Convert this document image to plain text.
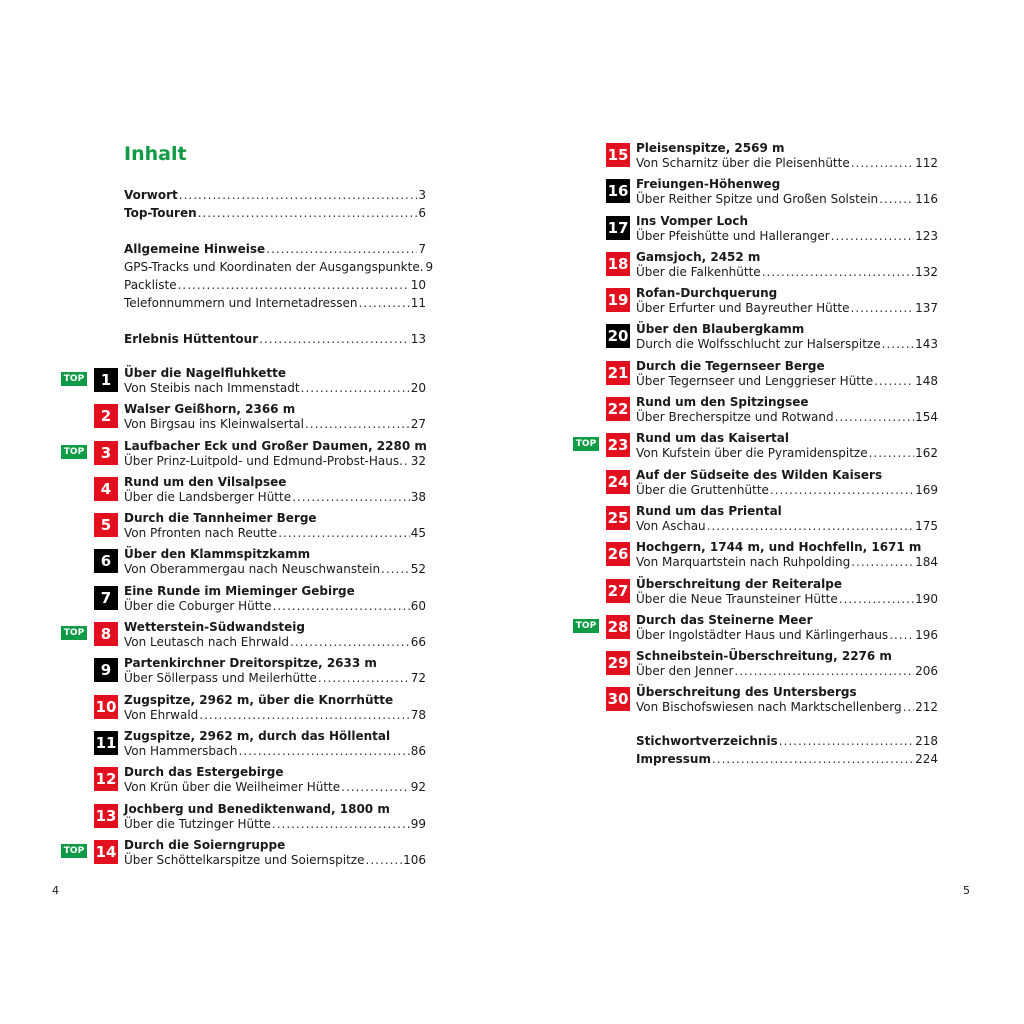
Inhalt
Vorwort .....	3
Top-Touren .....	6
Allgemeine Hinweise .....	7
GPS-Tracks und Koordinaten der Ausgangspunkte. 9
Packliste .....	10
Telefonnummern und Internetadressen .....	11
Erlebnis Hüttentour .....	13
TOP	1	Über die Nagelfluhkette
Von Steibis nach Immenstadt .....	20
2	Walser Geißhorn, 2366 m
Von Birgsau ins Kleinwalsertal .....	27
TOP	3	Laufbacher Eck und Großer Daumen, 2280 m
Über Prinz-Luitpold- und Edmund-Probst-Haus. ..... 32
4	Rund um den Vilsalpsee
Über die Landsberger Hütte .....	38
5	Durch die Tannheimer Berge
Von Pfronten nach Reutte .....	45
6	Über den Klammspitzkamm
Von Oberammergau nach Neuschwanstein .....	52
7	Eine Runde im Mieminger Gebirge
Über die Coburger Hütte .....	60
TOP	8	Wetterstein-Südwandsteig
Von Leutasch nach Ehrwald .....	66
9	Partenkirchner Dreitorspitze, 2633 m
Über Söllerpass und Meilerhütte .....	72
10 Zugspitze, 2962 m, über die Knorrhütte
Von Ehrwald .....	78
11 Zugspitze, 2962 m, durch das Höllental
Von Hammersbach .....	86
12 Durch das Estergebirge
Von Krün über die Weilheimer Hütte .....	92
13 Jochberg und Benediktenwand, 1800 m
Über die Tutzinger Hütte .....	99
TOP 14 Durch die Soierngruppe
Über Schöttelkarspitze und Soiernspitze .....	106
15 Pleisenspitze, 2569 m
Von Scharnitz über die Pleisenhütte .....	112
16 Freiungen-Höhenweg
Über Reither Spitze und Großen Solstein .....	116
17 Ins Vomper Loch
Über Pfeishütte und Halleranger .....	123
18 Gamsjoch, 2452 m
Über die Falkenhütte .....	132
19 Rofan-Durchquerung
Über Erfurter und Bayreuther Hütte .....	137
20 Über den Blaubergkamm
Durch die Wolfsschlucht zur Halserspitze .....	143
21 Durch die Tegernseer Berge
Über Tegernseer und Lenggrieser Hütte .....	148
22 Rund um den Spitzingsee
Über Brecherspitze und Rotwand .....	154
TOP 23 Rund um das Kaisertal
Von Kufstein über die Pyramidenspitze .....	162
24 Auf der Südseite des Wilden Kaisers
Über die Gruttenhütte .....	169
25 Rund um das Priental
Von Aschau .....	175
26 Hochgern, 1744 m, und Hochfelln, 1671 m
Von Marquartstein nach Ruhpolding .....	184
27 Überschreitung der Reiteralpe
Über die Neue Traunsteiner Hütte .....	190
TOP 28 Durch das Steinerne Meer
Über Ingolstädter Haus und Kärlingerhaus ..... 196
29 Schneibstein-Überschreitung, 2276 m
Über den Jenner .....	206
30 Überschreitung des Untersbergs
Von Bischofswiesen nach Marktschellenberg ..... 212
Stichwortverzeichnis .....	218
Impressum .....	224
4	5
